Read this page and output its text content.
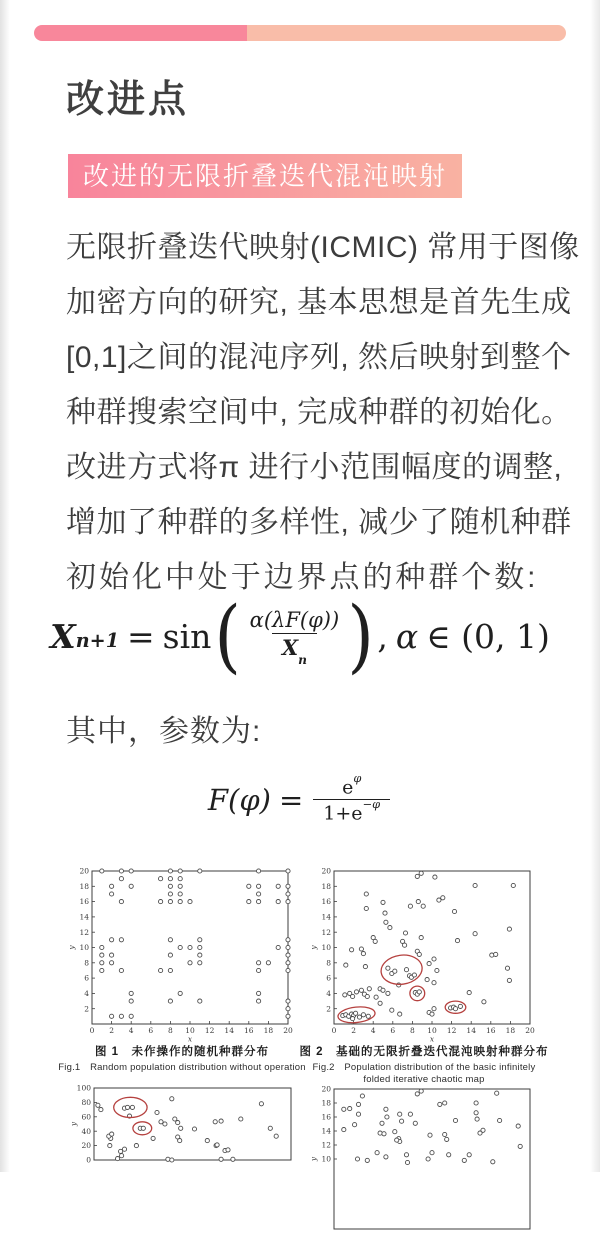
改进点
改进的无限折叠迭代混沌映射
无限折叠迭代映射(ICMIC) 常用于图像
加密方向的研究, 基本思想是首先生成
[0,1]之间的混沌序列, 然后映射到整个
种群搜索空间中, 完成种群的初始化。
改进方式将π 进行小范围幅度的调整,
增加了种群的多样性, 减少了随机种群
初始化中处于边界点的种群个数:
$X_{n+1} = \sin$ ( $\frac{\alpha(\lambda F(\varphi))}{X_n}$ ) , α ∈ (0, 1)
其中，参数为:
$F(\varphi) = \frac{e^\varphi}{1+e^{-\varphi}}$
0 2 4 6 8 10 12 14 16 18 20
2
4
6
8
10
12
14
16
18
20
x
y
图 1　未作操作的随机种群分布
Fig.1　Random population distribution without operation
0 2 4 6 8 10 12 14 16 18 20
2
4
6
8
10
12
14
16
18
20
x
y
图 2　基础的无限折叠迭代混沌映射种群分布
Fig.2　Population distribution of the basic infinitely folded iterative chaotic map
0
20
40
60
80
100
y
10
12
14
16
18
20
y
